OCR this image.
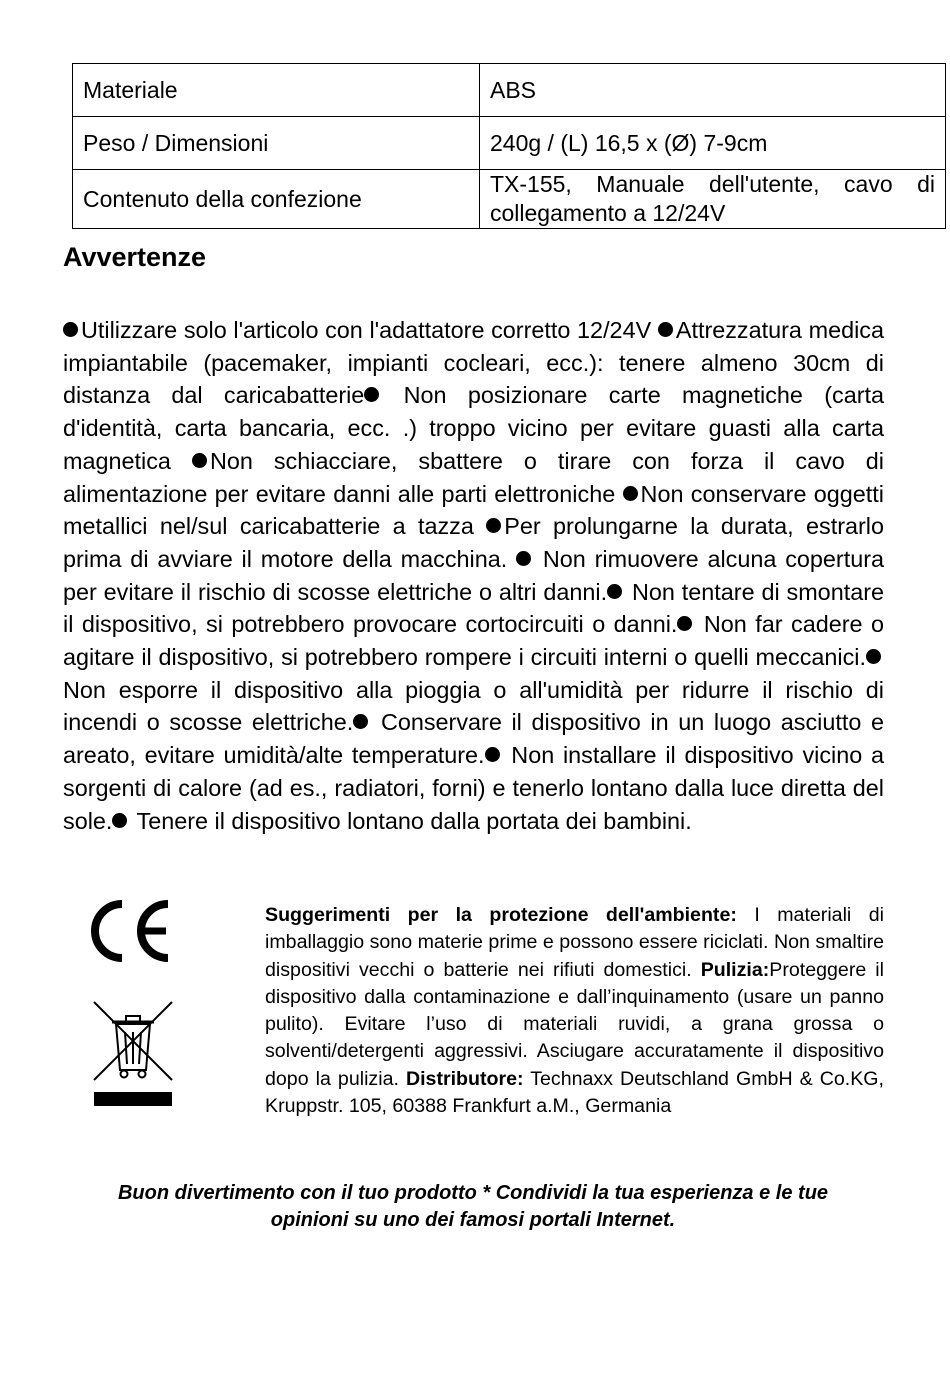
Materiale	ABS
Peso / Dimensioni	240g / (L) 16,5 x (Ø) 7-9cm
Contenuto della confezione	TX-155, Manuale dell'utente, cavo di collegamento a 12/24V
Avvertenze

Utilizzare solo l'articolo con l'adattatore corretto 12/24V Attrezzatura medica impiantabile (pacemaker, impianti cocleari, ecc.): tenere almeno 30cm di distanza dal caricabatterie Non posizionare carte magnetiche (carta d'identità, carta bancaria, ecc. .) troppo vicino per evitare guasti alla carta magnetica Non schiacciare, sbattere o tirare con forza il cavo di alimentazione per evitare danni alle parti elettroniche Non conservare oggetti metallici nel/sul caricabatterie a tazza Per prolungarne la durata, estrarlo prima di avviare il motore della macchina. Non rimuovere alcuna copertura per evitare il rischio di scosse elettriche o altri danni. Non tentare di smontare il dispositivo, si potrebbero provocare cortocircuiti o danni. Non far cadere o agitare il dispositivo, si potrebbero rompere i circuiti interni o quelli meccanici. Non esporre il dispositivo alla pioggia o all'umidità per ridurre il rischio di incendi o scosse elettriche. Conservare il dispositivo in un luogo asciutto e areato, evitare umidità/alte temperature. Non installare il dispositivo vicino a sorgenti di calore (ad es., radiatori, forni) e tenerlo lontano dalla luce diretta del sole. Tenere il dispositivo lontano dalla portata dei bambini.

Suggerimenti per la protezione dell'ambiente: I materiali di imballaggio sono materie prime e possono essere riciclati. Non smaltire dispositivi vecchi o batterie nei rifiuti domestici. Pulizia:Proteggere il dispositivo dalla contaminazione e dall’inquinamento (usare un panno pulito). Evitare l’uso di materiali ruvidi, a grana grossa o solventi/detergenti aggressivi. Asciugare accuratamente il dispositivo dopo la pulizia. Distributore: Technaxx Deutschland GmbH & Co.KG, Kruppstr. 105, 60388 Frankfurt a.M., Germania

Buon divertimento con il tuo prodotto * Condividi la tua esperienza e le tue
opinioni su uno dei famosi portali Internet.
